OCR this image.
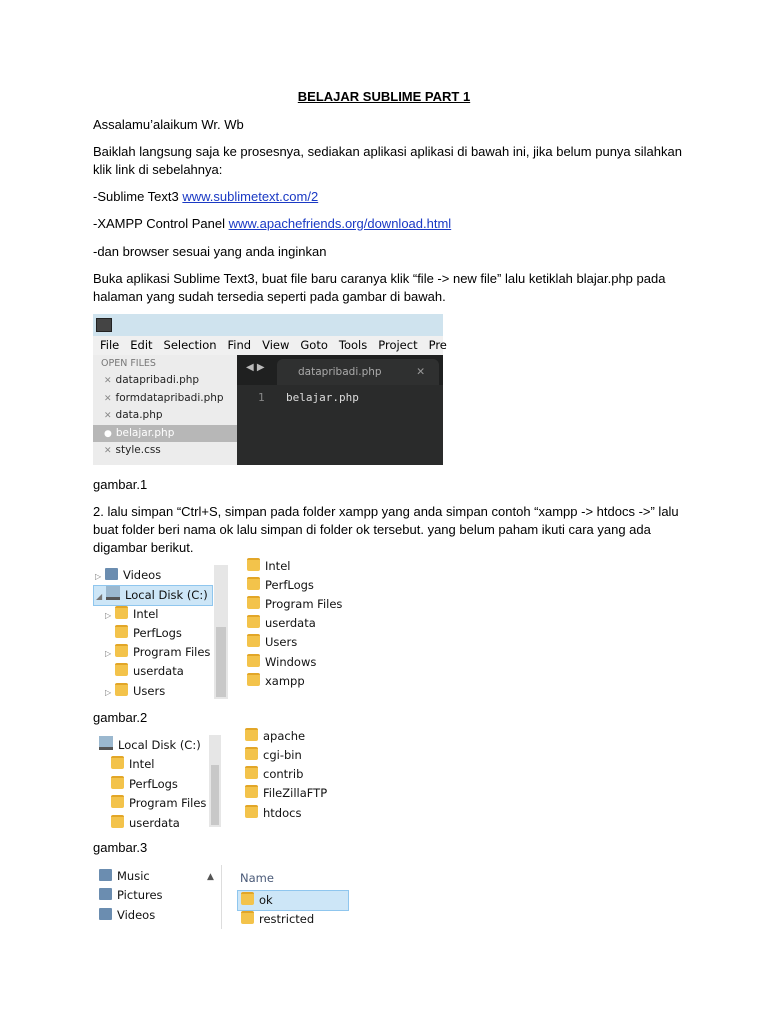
BELAJAR SUBLIME PART 1
Assalamu’alaikum Wr. Wb
Baiklah langsung saja ke prosesnya, sediakan aplikasi aplikasi di bawah ini, jika belum punya silahkan klik link di sebelahnya:
-Sublime Text3 www.sublimetext.com/2
-XAMPP Control Panel www.apachefriends.org/download.html
-dan browser sesuai yang anda inginkan
Buka aplikasi Sublime Text3, buat file baru caranya klik “file -> new file” lalu ketiklah blajar.php pada halaman yang sudah tersedia seperti pada gambar di bawah.
File Edit Selection Find View Goto Tools Project Pre
OPEN FILES
✕ datapribadi.php
✕ formdatapribadi.php
✕ data.php
● belajar.php
✕ style.css
◀ ▶	datapribadi.php	✕
1 belajar.php
gambar.1
2. lalu simpan “Ctrl+S, simpan pada folder xampp yang anda simpan contoh “xampp -> htdocs ->” lalu buat folder beri nama ok lalu simpan di folder ok tersebut. yang belum paham ikuti cara yang ada digambar berikut.
▷ Videos
◢ Local Disk (C:)
▷ Intel
PerfLogs
▷ Program Files
userdata
▷ Users
Intel
PerfLogs
Program Files
userdata
Users
Windows
xampp
gambar.2
Local Disk (C:)
Intel
PerfLogs
Program Files
userdata
apache
cgi-bin
contrib
FileZillaFTP
htdocs
gambar.3
Music
Pictures
Videos
▲ Name
ok
restricted
